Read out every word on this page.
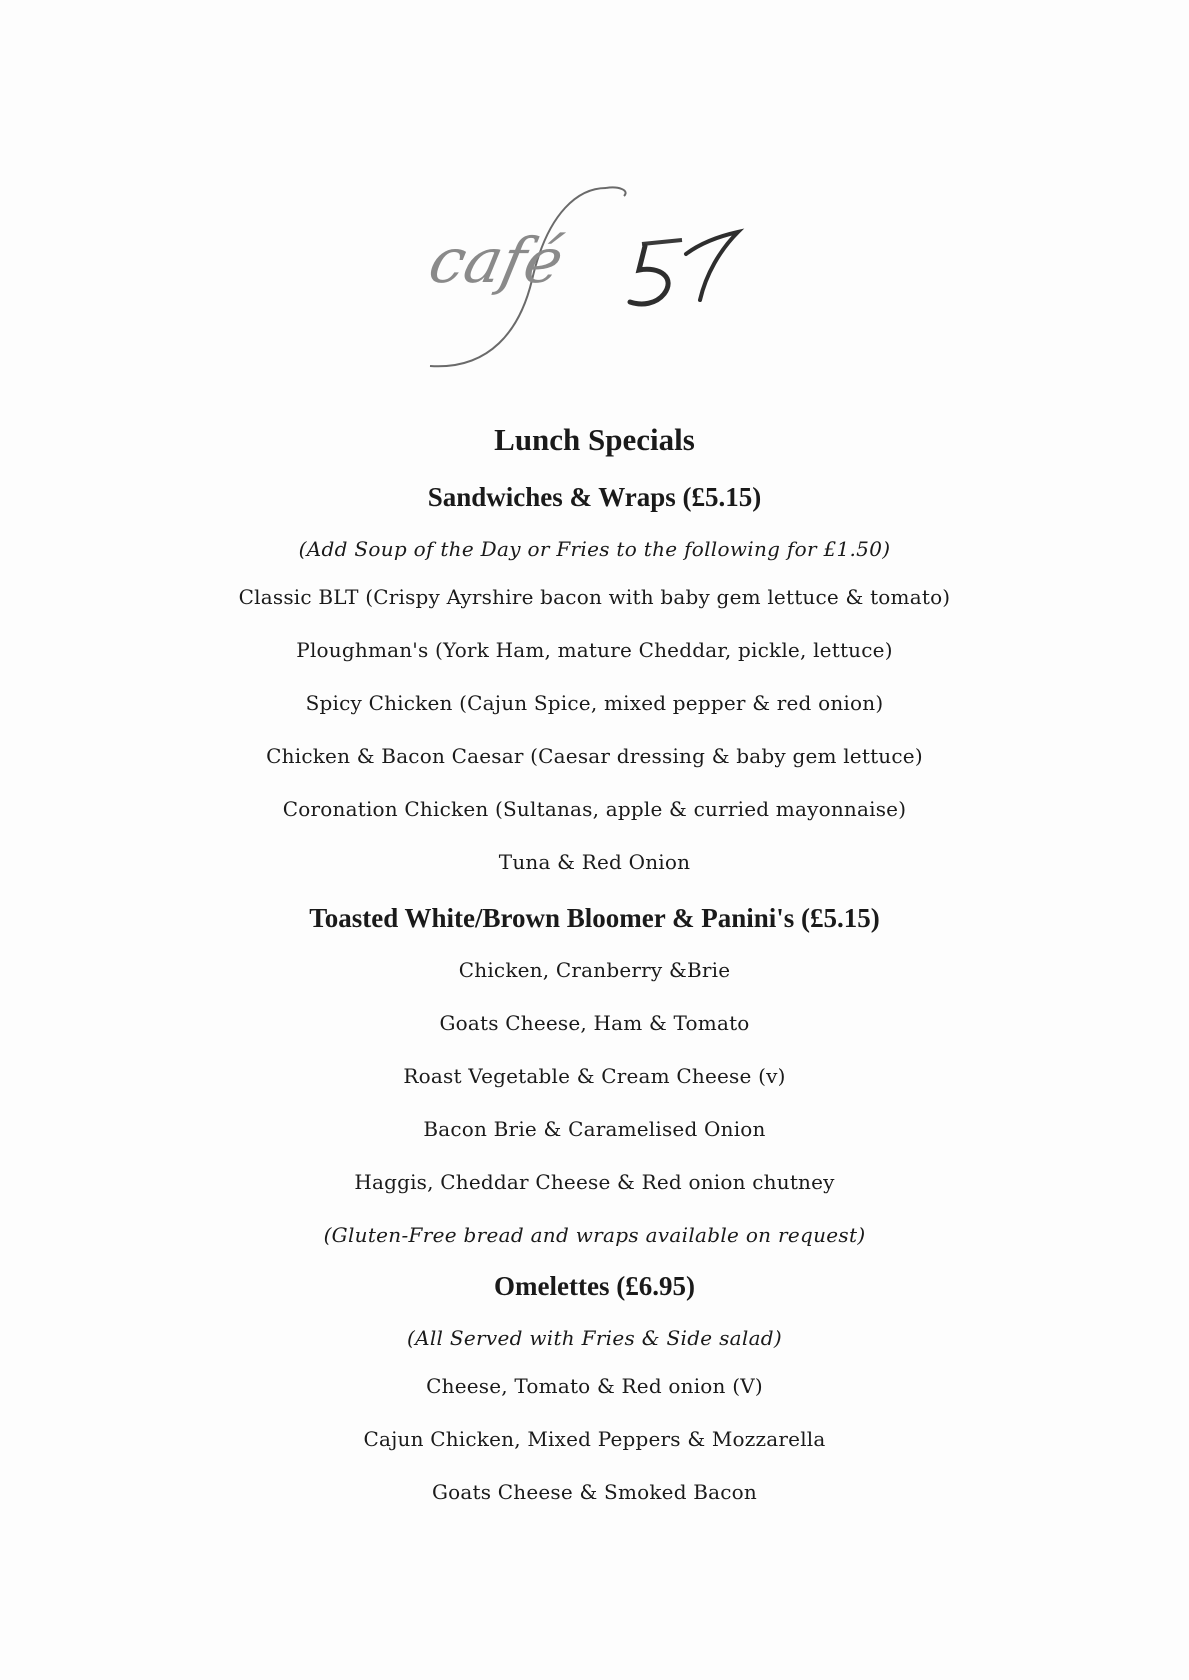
café
Lunch Specials
Sandwiches & Wraps (£5.15)
(Add Soup of the Day or Fries to the following for £1.50)
Classic BLT (Crispy Ayrshire bacon with baby gem lettuce & tomato)
Ploughman's (York Ham, mature Cheddar, pickle, lettuce)
Spicy Chicken (Cajun Spice, mixed pepper & red onion)
Chicken & Bacon Caesar (Caesar dressing & baby gem lettuce)
Coronation Chicken (Sultanas, apple & curried mayonnaise)
Tuna & Red Onion
Toasted White/Brown Bloomer & Panini's (£5.15)
Chicken, Cranberry &Brie
Goats Cheese, Ham & Tomato
Roast Vegetable & Cream Cheese (v)
Bacon Brie & Caramelised Onion
Haggis, Cheddar Cheese & Red onion chutney
(Gluten-Free bread and wraps available on request)
Omelettes (£6.95)
(All Served with Fries & Side salad)
Cheese, Tomato & Red onion (V)
Cajun Chicken, Mixed Peppers & Mozzarella
Goats Cheese & Smoked Bacon
